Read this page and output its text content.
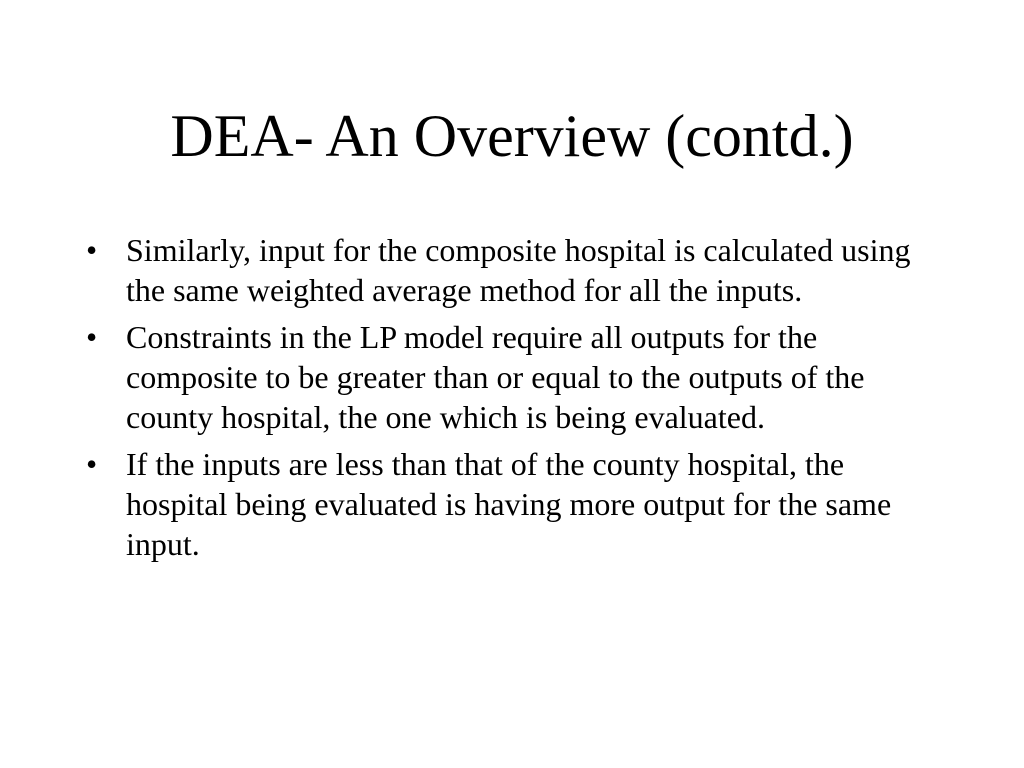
DEA- An Overview (contd.)
• Similarly, input for the composite hospital is calculated using the same weighted average method for all the inputs.
• Constraints in the LP model require all outputs for the composite to be greater than or equal to the outputs of the county hospital, the one which is being evaluated.
• If the inputs are less than that of the county hospital, the hospital being evaluated is having more output for the same input.
